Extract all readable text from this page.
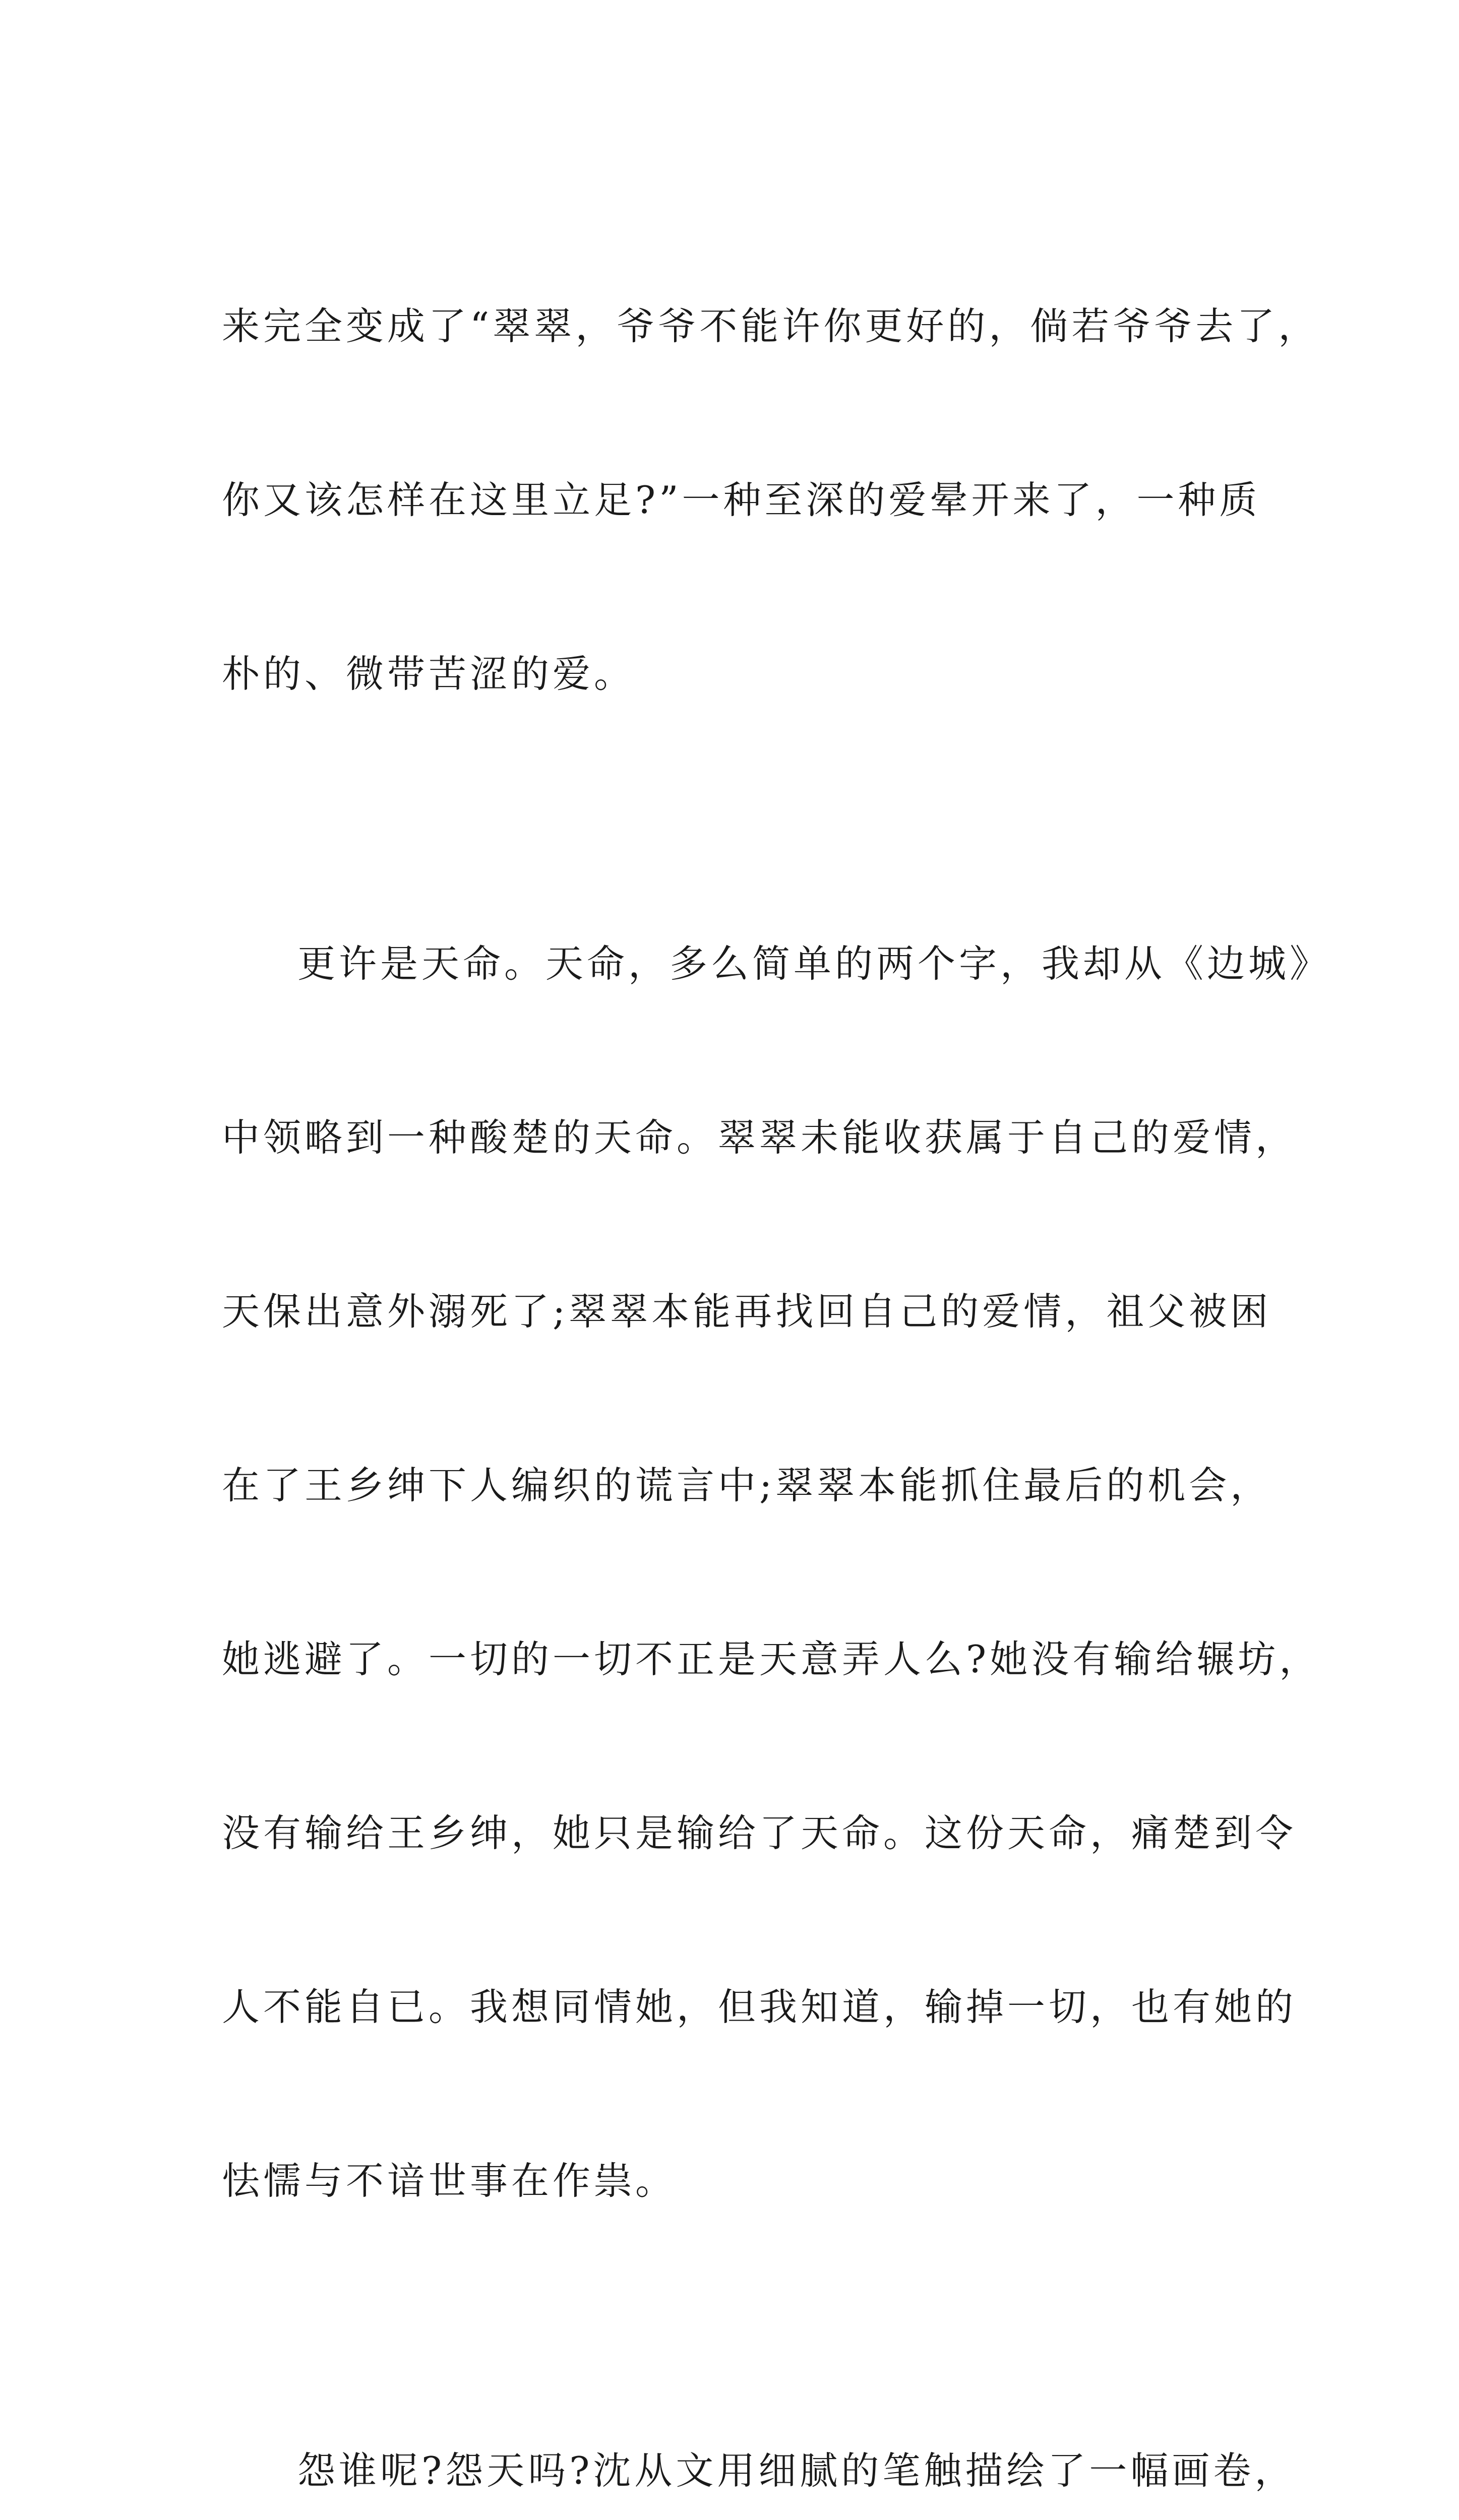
来完全变成了“翠翠，爷爷不能许你更好的，倘若爷爷去了，

你又该怎样在这里立足?”一种至深的爱晕开来了，一种质

朴的、微带苦涩的爱。

更许是天命。天命，多么简单的两个字，我却从《边城》

中领略到一种酸楚的天命。翠翠未能收获属于自己的爱情，

天保出意外溺死了;翠翠本能再找回自己的爱情，祖父被困

在了王乡绅下人编织的谎言中;翠翠本能抓住最后的机会，

她逃避了。一切的一切不正是天意弄人么?她没有输给辗坊，

没有输给王乡绅，她只是输给了天命。这份天命，痛楚到令

人不能自已。我想同情她，但我知道，输掉一切，也有她的

怯懦与不谙世事在作祟。

怨谁呢?怨天吗?沈从文用细腻的笔触描绘了一幅画卷，
